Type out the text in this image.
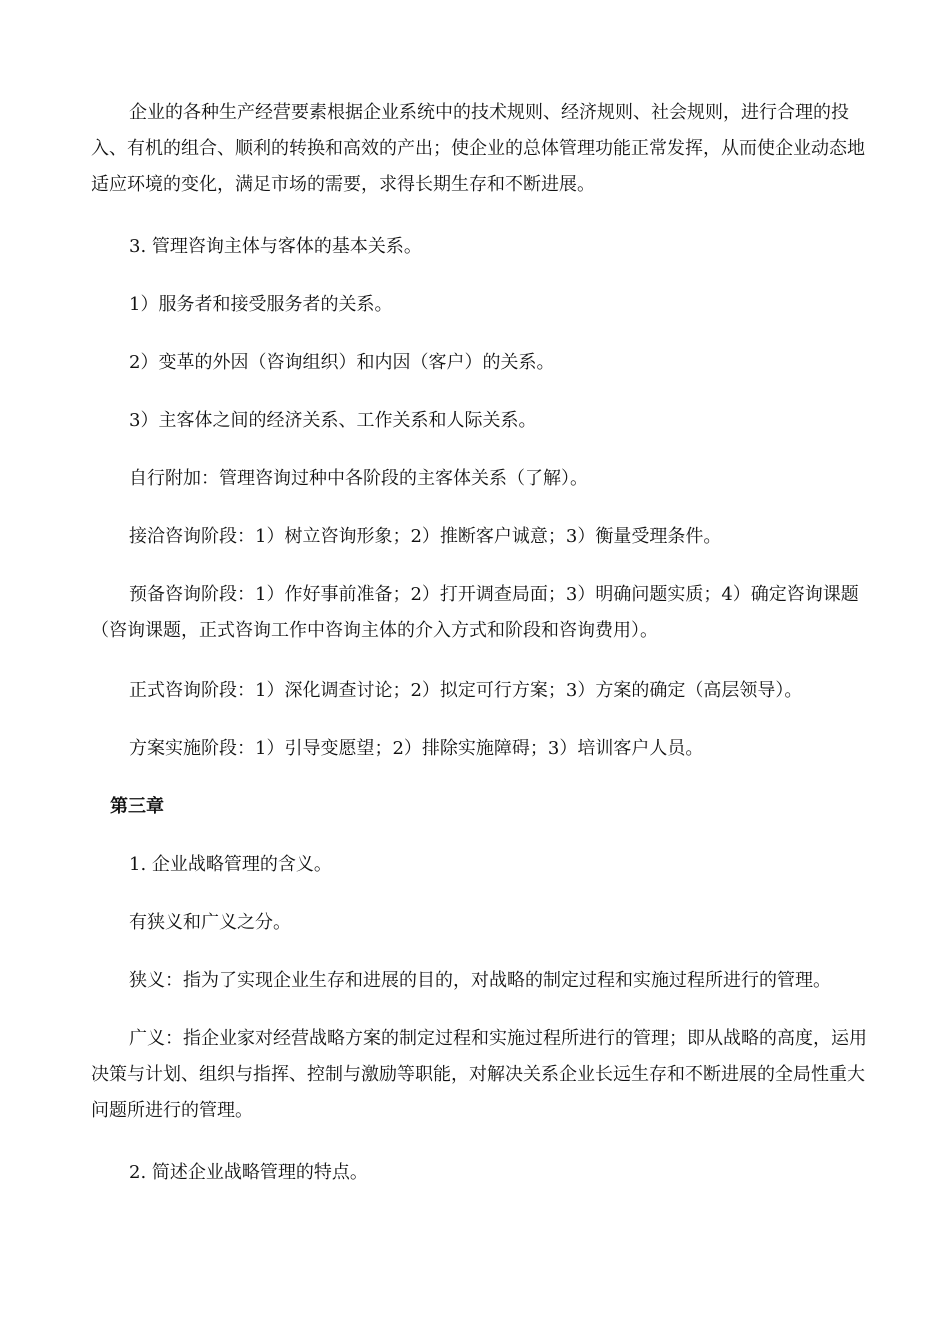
企业的各种生产经营要素根据企业系统中的技术规则、经济规则、社会规则，进行合理的投入、有机的组合、顺利的转换和高效的产出；使企业的总体管理功能正常发挥，从而使企业动态地适应环境的变化，满足市场的需要，求得长期生存和不断进展。

3. 管理咨询主体与客体的基本关系。

1）服务者和接受服务者的关系。

2）变革的外因（咨询组织）和内因（客户）的关系。

3）主客体之间的经济关系、工作关系和人际关系。

自行附加：管理咨询过种中各阶段的主客体关系（了解）。

接洽咨询阶段：1）树立咨询形象；2）推断客户诚意；3）衡量受理条件。

预备咨询阶段：1）作好事前准备；2）打开调查局面；3）明确问题实质；4）确定咨询课题（咨询课题，正式咨询工作中咨询主体的介入方式和阶段和咨询费用）。

正式咨询阶段：1）深化调查讨论；2）拟定可行方案；3）方案的确定（高层领导）。

方案实施阶段：1）引导变愿望；2）排除实施障碍；3）培训客户人员。

第三章

1. 企业战略管理的含义。

有狭义和广义之分。

狭义：指为了实现企业生存和进展的目的，对战略的制定过程和实施过程所进行的管理。

广义：指企业家对经营战略方案的制定过程和实施过程所进行的管理；即从战略的高度，运用决策与计划、组织与指挥、控制与激励等职能，对解决关系企业长远生存和不断进展的全局性重大问题所进行的管理。

2. 简述企业战略管理的特点。
